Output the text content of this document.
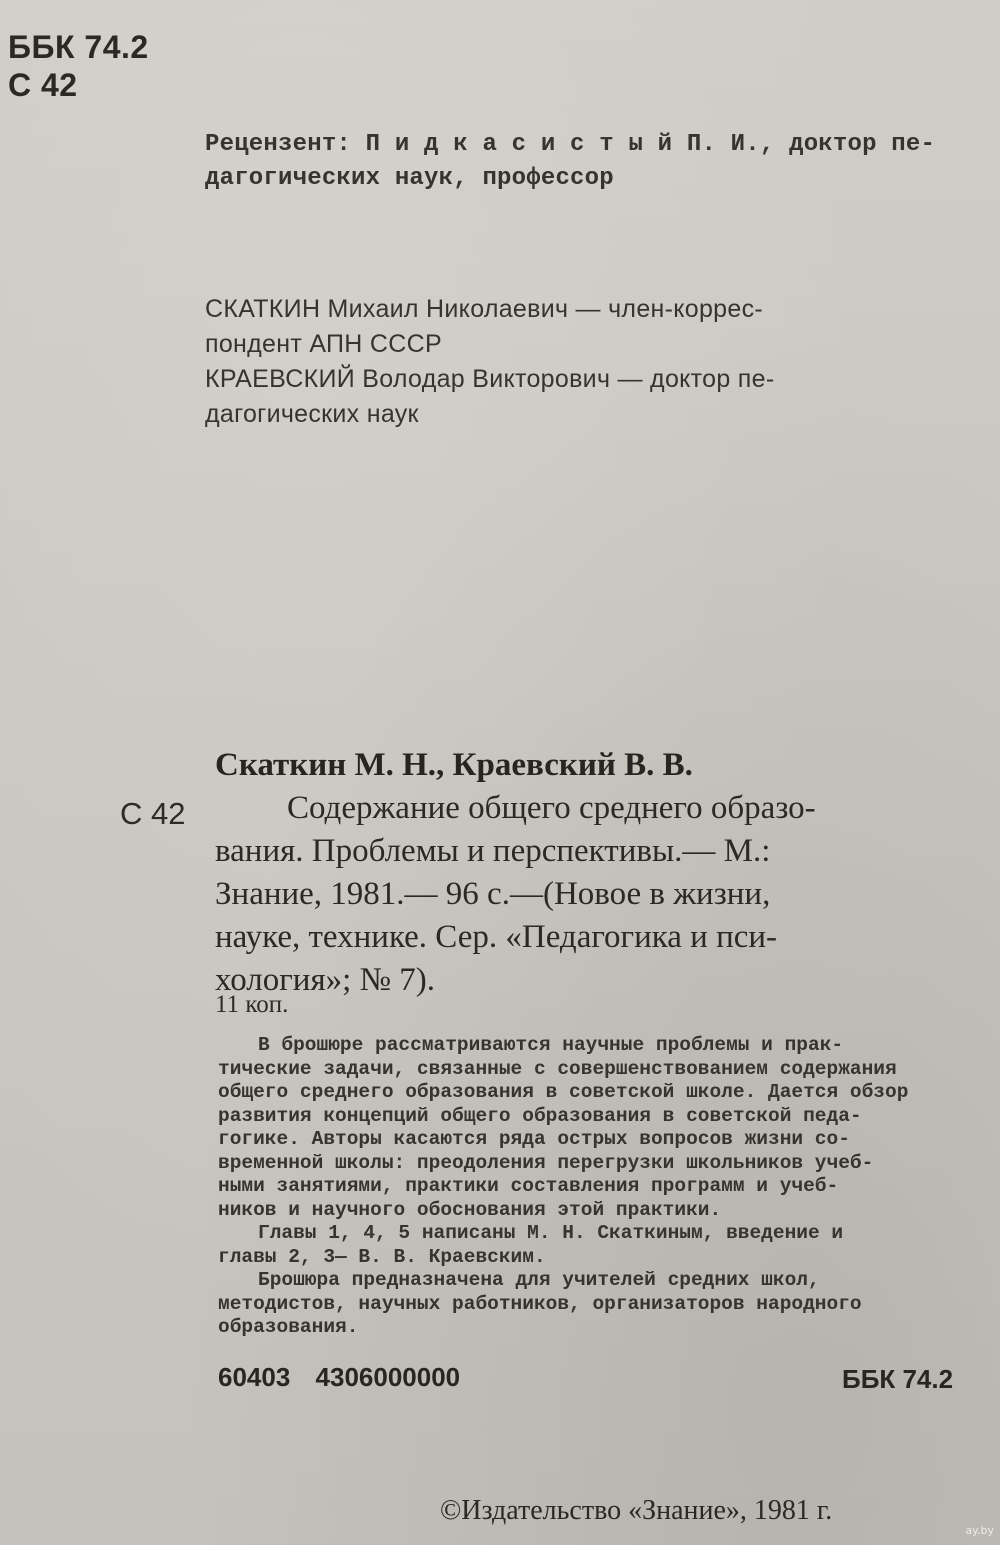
ББК 74.2
С 42
Рецензент: П и д к а с и с т ы й П. И., доктор пе-
дагогических наук, профессор
СКАТКИН Михаил Николаевич — член-коррес-
пондент АПН СССР
КРАЕВСКИЙ Володар Викторович — доктор пе-
дагогических наук
Скаткин М. Н., Краевский В. В.
С 42	Содержание общего среднего образо-
вания. Проблемы и перспективы.— М.:
Знание, 1981.— 96 с.—(Новое в жизни,
науке, технике. Сер. «Педагогика и пси-
хология»; № 7).
11 коп.
В брошюре рассматриваются научные проблемы и прак-
тические задачи, связанные с совершенствованием содержания
общего среднего образования в советской школе. Дается обзор
развития концепций общего образования в советской педа-
гогике. Авторы касаются ряда острых вопросов жизни со-
временной школы: преодоления перегрузки школьников учеб-
ными занятиями, практики составления программ и учеб-
ников и научного обоснования этой практики.
Главы 1, 4, 5 написаны М. Н. Скаткиным, введение и
главы 2, 3— В. В. Краевским.
Брошюра предназначена для учителей средних школ,
методистов, научных работников, организаторов народного
образования.
60403 4306000000	ББК 74.2
©Издательство «Знание», 1981 г.
ay.by
